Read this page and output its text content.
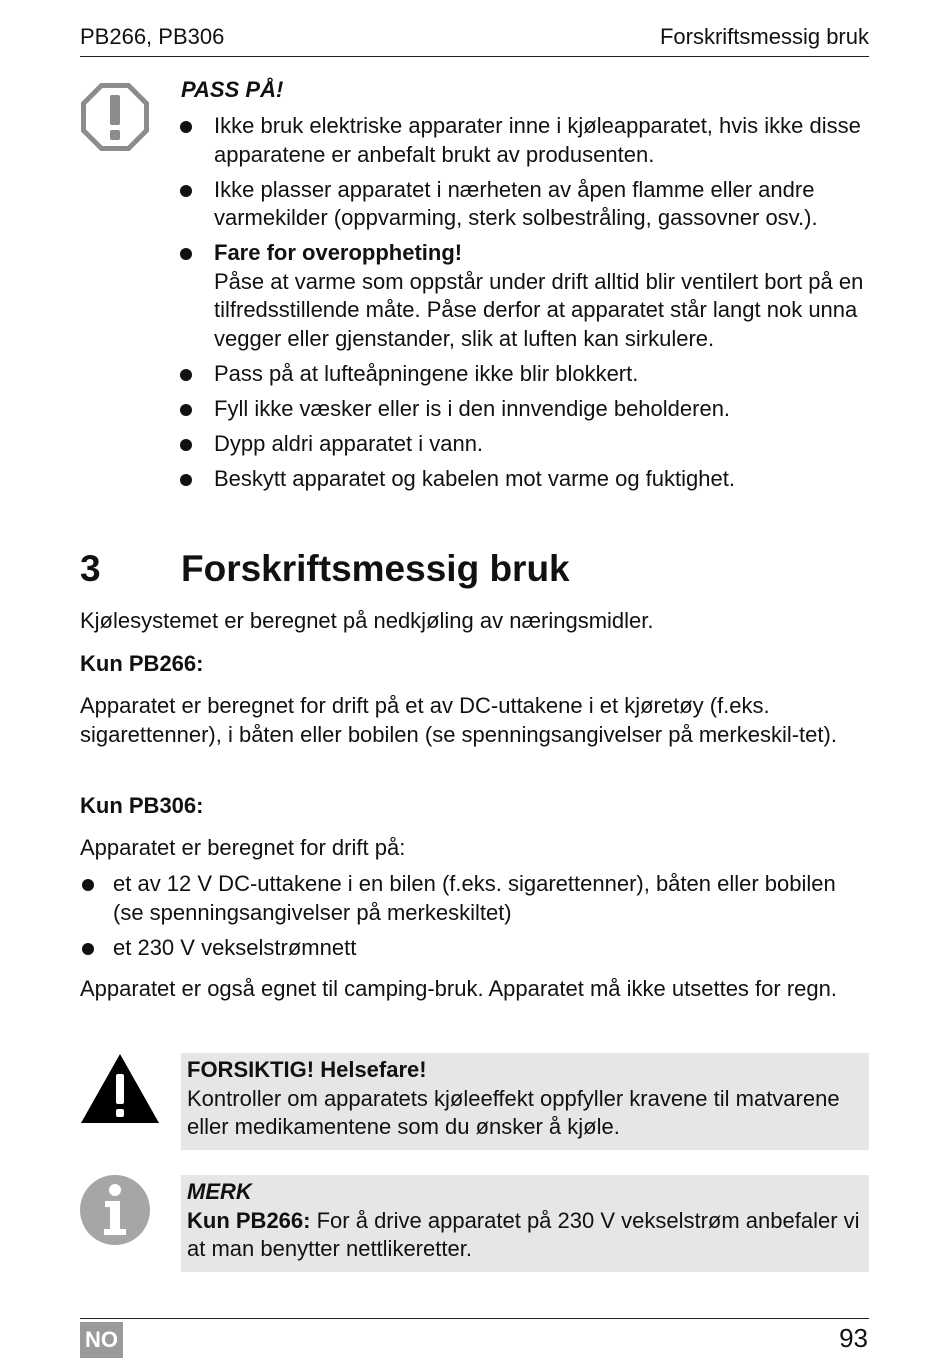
PB266, PB306	Forskriftsmessig bruk
PASS PÅ!
Ikke bruk elektriske apparater inne i kjøleapparatet, hvis ikke disse apparatene er anbefalt brukt av produsenten.
Ikke plasser apparatet i nærheten av åpen flamme eller andre varmekilder (oppvarming, sterk solbestråling, gassovner osv.).
Fare for overoppheting!
Påse at varme som oppstår under drift alltid blir ventilert bort på en tilfredsstillende måte. Påse derfor at apparatet står langt nok unna vegger eller gjenstander, slik at luften kan sirkulere.
Pass på at lufteåpningene ikke blir blokkert.
Fyll ikke væsker eller is i den innvendige beholderen.
Dypp aldri apparatet i vann.
Beskytt apparatet og kabelen mot varme og fuktighet.
3 Forskriftsmessig bruk
Kjølesystemet er beregnet på nedkjøling av næringsmidler.
Kun PB266:
Apparatet er beregnet for drift på et av DC-uttakene i et kjøretøy (f.eks. sigarettenner), i båten eller bobilen (se spenningsangivelser på merkeskil-tet).
Kun PB306:
Apparatet er beregnet for drift på:
et av 12 V DC-uttakene i en bilen (f.eks. sigarettenner), båten eller bobilen (se spenningsangivelser på merkeskiltet)
et 230 V vekselstrømnett
Apparatet er også egnet til camping-bruk. Apparatet må ikke utsettes for regn.
FORSIKTIG! Helsefare!
Kontroller om apparatets kjøleeffekt oppfyller kravene til matvarene eller medikamentene som du ønsker å kjøle.
MERK
Kun PB266: For å drive apparatet på 230 V vekselstrøm anbefaler vi at man benytter nettlikeretter.
NO	93
